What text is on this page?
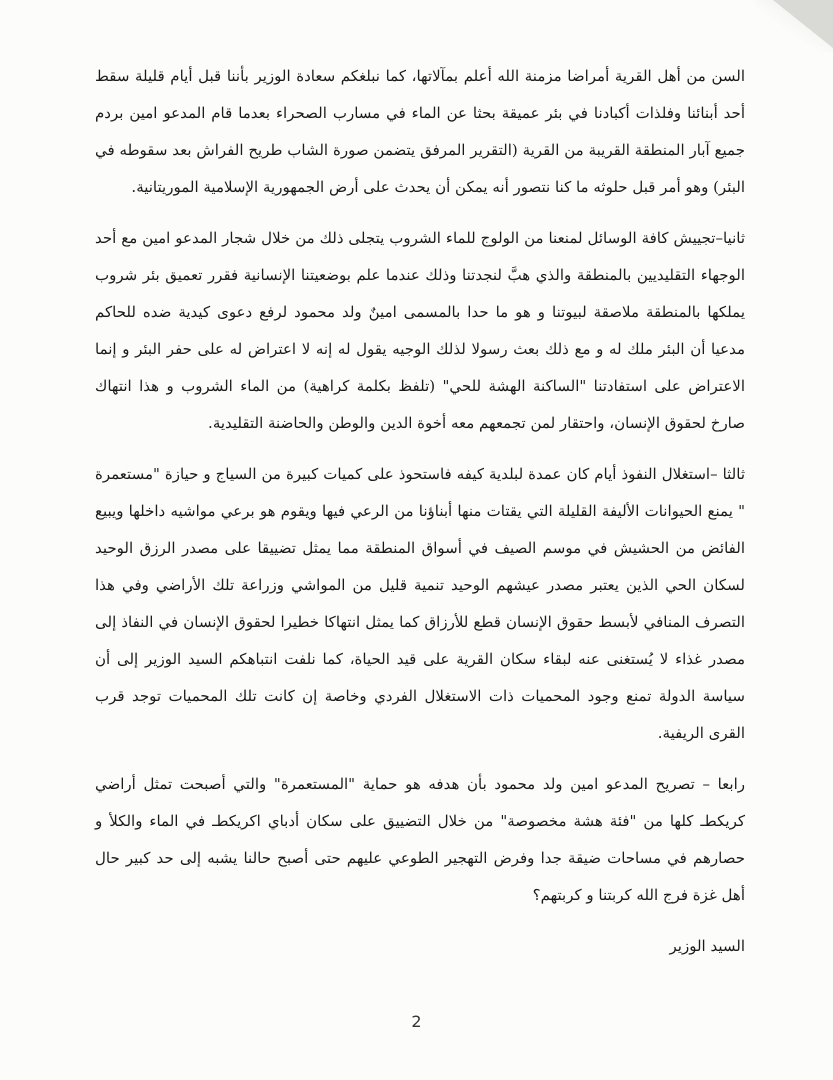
السن من أهل القرية أمراضا مزمنة الله أعلم بمآلاتها، كما نبلغكم سعادة الوزير بأننا قبل أيام قليلة سقط أحد أبنائنا وفلذات أكبادنا في بئر عميقة بحثا عن الماء في مسارب الصحراء بعدما قام المدعو امين بردم جميع آبار المنطقة القريبة من القرية (التقرير المرفق يتضمن صورة الشاب طريح الفراش بعد سقوطه في البئر) وهو أمر قبل حلوثه ما كنا نتصور أنه يمكن أن يحدث على أرض الجمهورية الإسلامية الموريتانية.

ثانيا–تجييش كافة الوسائل لمنعنا من الولوج للماء الشروب يتجلى ذلك من خلال شجار المدعو امين مع أحد الوجهاء التقليديين بالمنطقة والذي هبَّ لنجدتنا وذلك عندما علم بوضعيتنا الإنسانية فقرر تعميق بئر شروب يملكها بالمنطقة ملاصقة لبيوتنا و هو ما حدا بالمسمى امينٌ ولد محمود لرفع دعوى كيدية ضده للحاكم مدعيا أن البئر ملك له و مع ذلك بعث رسولا لذلك الوجيه يقول له إنه لا اعتراض له على حفر البئر و إنما الاعتراض على استفادتنا "الساكنة الهشة للحي" (تلفظ بكلمة كراهية) من الماء الشروب و هذا انتهاك صارخ لحقوق الإنسان، واحتقار لمن تجمعهم معه أخوة الدين والوطن والحاضنة التقليدية.

ثالثا –استغلال النفوذ أيام كان عمدة لبلدية كيفه فاستحوذ على كميات كبيرة من السياج و حيازة "مستعمرة " يمنع الحيوانات الأليفة القليلة التي يقتات منها أبناؤنا من الرعي فيها ويقوم هو برعي مواشيه داخلها ويبيع الفائض من الحشيش في موسم الصيف في أسواق المنطقة مما يمثل تضييقا على مصدر الرزق الوحيد لسكان الحي الذين يعتبر مصدر عيشهم الوحيد تنمية قليل من المواشي وزراعة تلك الأراضي وفي هذا التصرف المنافي لأبسط حقوق الإنسان قطع للأرزاق كما يمثل انتهاكا خطيرا لحقوق الإنسان في النفاذ إلى مصدر غذاء لا يُستغنى عنه لبقاء سكان القرية على قيد الحياة، كما نلفت انتباهكم السيد الوزير إلى أن سياسة الدولة تمنع وجود المحميات ذات الاستغلال الفردي وخاصة إن كانت تلك المحميات توجد قرب القرى الريفية.

رابعا – تصريح المدعو امين ولد محمود بأن هدفه هو حماية "المستعمرة" والتي أصبحت تمثل أراضي كريكطـ كلها من "فئة هشة مخصوصة" من خلال التضييق على سكان أدباي اكريكطـ في الماء والكلأ و حصارهم في مساحات ضيقة جدا وفرض التهجير الطوعي عليهم حتى أصبح حالنا يشبه إلى حد كبير حال أهل غزة فرج الله كربتنا و كربتهم؟

السيد الوزير

2
